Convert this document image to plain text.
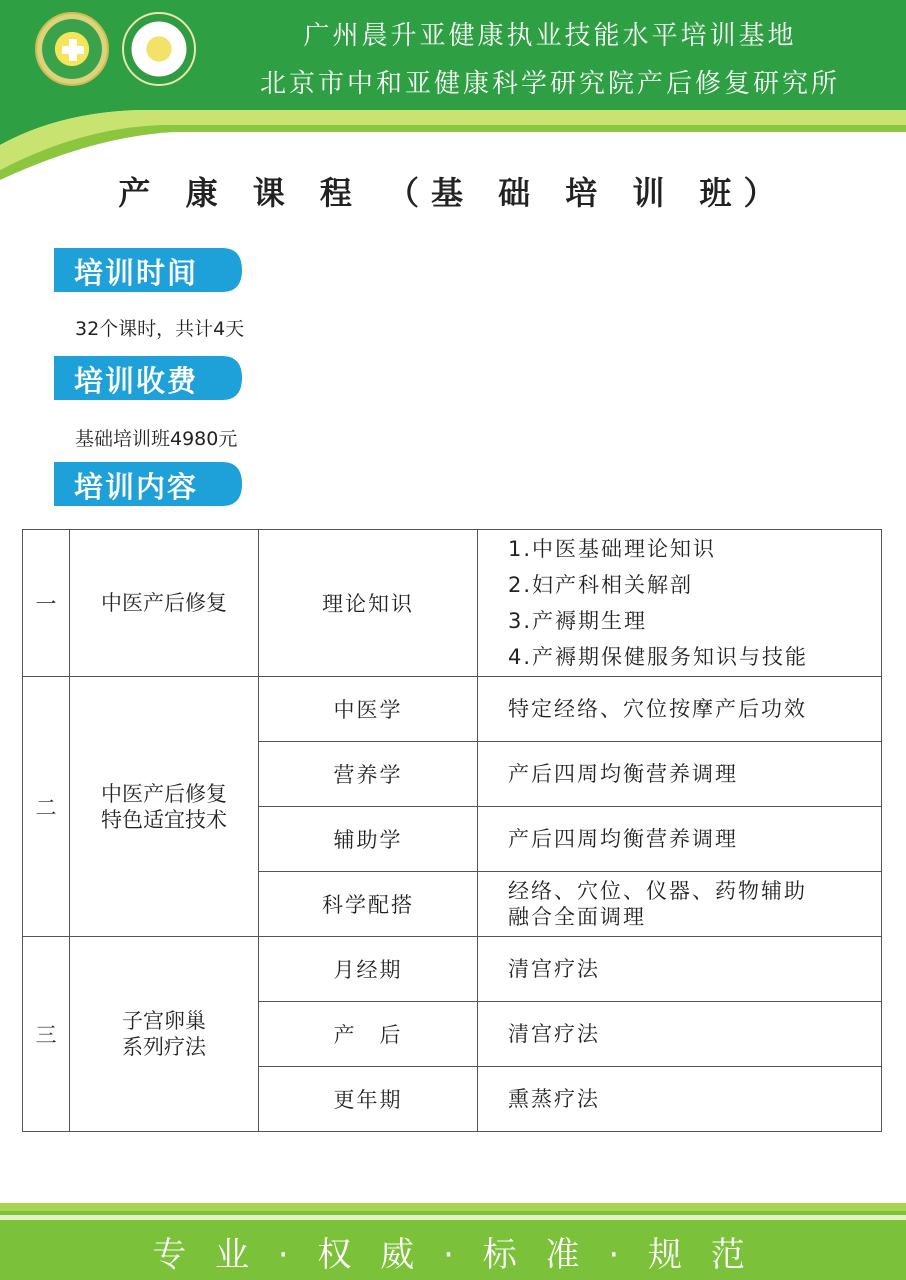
广州晨升亚健康执业技能水平培训基地
北京市中和亚健康科学研究院产后修复研究所
产 康 课 程 （基 础 培 训 班）
培训时间
32个课时，共计4天
培训收费
基础培训班4980元
培训内容
一	中医产后修复	理论知识	1.中医基础理论知识
2.妇产科相关解剖
3.产褥期生理
4.产褥期保健服务知识与技能

二	中医产后修复
特色适宜技术	中医学	特定经络、穴位按摩产后功效
		营养学	产后四周均衡营养调理
		辅助学	产后四周均衡营养调理
		科学配搭	经络、穴位、仪器、药物辅助
融合全面调理

三	子宫卵巢
系列疗法	月经期	清宫疗法
		产　后	清宫疗法
		更年期	熏蒸疗法
专 业 · 权 威 · 标 准 · 规 范
